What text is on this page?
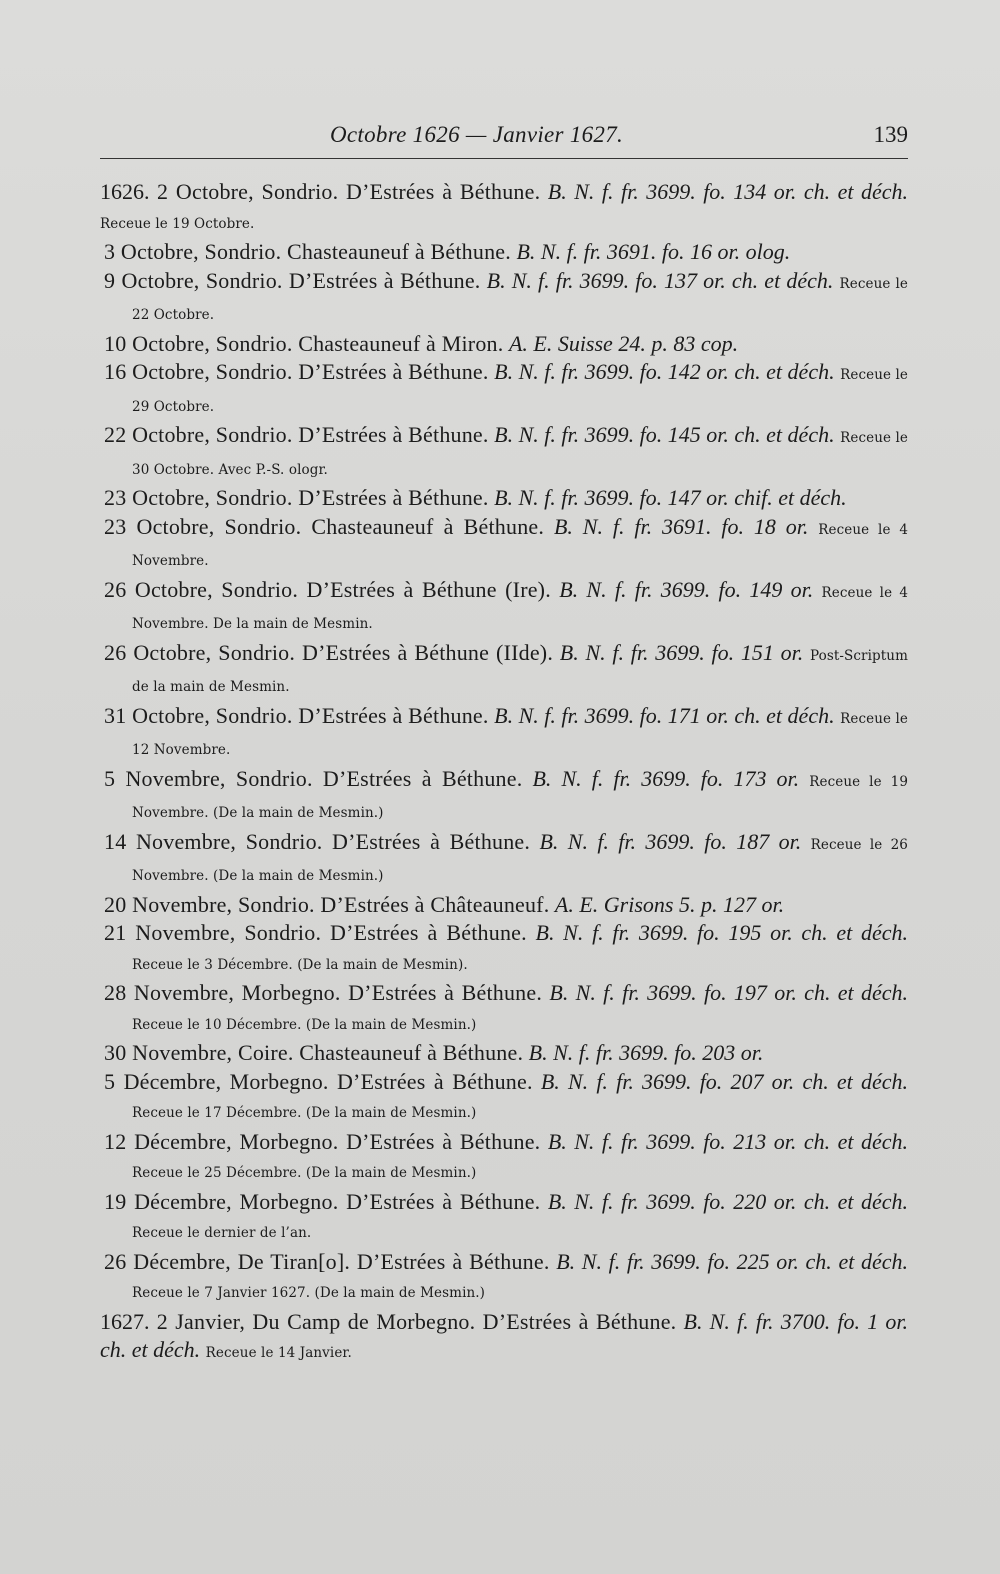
Octobre 1626 — Janvier 1627.	139
1626. 2 Octobre, Sondrio. D’Estrées à Béthune. B. N. f. fr. 3699. fo. 134 or. ch. et déch. Receue le 19 Octobre.
3 Octobre, Sondrio. Chasteauneuf à Béthune. B. N. f. fr. 3691. fo. 16 or. olog.
9 Octobre, Sondrio. D’Estrées à Béthune. B. N. f. fr. 3699. fo. 137 or. ch. et déch. Receue le 22 Octobre.
10 Octobre, Sondrio. Chasteauneuf à Miron. A. E. Suisse 24. p. 83 cop.
16 Octobre, Sondrio. D’Estrées à Béthune. B. N. f. fr. 3699. fo. 142 or. ch. et déch. Receue le 29 Octobre.
22 Octobre, Sondrio. D’Estrées à Béthune. B. N. f. fr. 3699. fo. 145 or. ch. et déch. Receue le 30 Octobre. Avec P.-S. ologr.
23 Octobre, Sondrio. D’Estrées à Béthune. B. N. f. fr. 3699. fo. 147 or. chif. et déch.
23 Octobre, Sondrio. Chasteauneuf à Béthune. B. N. f. fr. 3691. fo. 18 or. Receue le 4 Novembre.
26 Octobre, Sondrio. D’Estrées à Béthune (Ire). B. N. f. fr. 3699. fo. 149 or. Receue le 4 Novembre. De la main de Mesmin.
26 Octobre, Sondrio. D’Estrées à Béthune (IIde). B. N. f. fr. 3699. fo. 151 or. Post-Scriptum de la main de Mesmin.
31 Octobre, Sondrio. D’Estrées à Béthune. B. N. f. fr. 3699. fo. 171 or. ch. et déch. Receue le 12 Novembre.
5 Novembre, Sondrio. D’Estrées à Béthune. B. N. f. fr. 3699. fo. 173 or. Receue le 19 Novembre. (De la main de Mesmin.)
14 Novembre, Sondrio. D’Estrées à Béthune. B. N. f. fr. 3699. fo. 187 or. Receue le 26 Novembre. (De la main de Mesmin.)
20 Novembre, Sondrio. D’Estrées à Châteauneuf. A. E. Grisons 5. p. 127 or.
21 Novembre, Sondrio. D’Estrées à Béthune. B. N. f. fr. 3699. fo. 195 or. ch. et déch. Receue le 3 Décembre. (De la main de Mesmin).
28 Novembre, Morbegno. D’Estrées à Béthune. B. N. f. fr. 3699. fo. 197 or. ch. et déch. Receue le 10 Décembre. (De la main de Mesmin.)
30 Novembre, Coire. Chasteauneuf à Béthune. B. N. f. fr. 3699. fo. 203 or.
5 Décembre, Morbegno. D’Estrées à Béthune. B. N. f. fr. 3699. fo. 207 or. ch. et déch. Receue le 17 Décembre. (De la main de Mesmin.)
12 Décembre, Morbegno. D’Estrées à Béthune. B. N. f. fr. 3699. fo. 213 or. ch. et déch. Receue le 25 Décembre. (De la main de Mesmin.)
19 Décembre, Morbegno. D’Estrées à Béthune. B. N. f. fr. 3699. fo. 220 or. ch. et déch. Receue le dernier de l’an.
26 Décembre, De Tiran[o]. D’Estrées à Béthune. B. N. f. fr. 3699. fo. 225 or. ch. et déch. Receue le 7 Janvier 1627. (De la main de Mesmin.)
1627. 2 Janvier, Du Camp de Morbegno. D’Estrées à Béthune. B. N. f. fr. 3700. fo. 1 or. ch. et déch. Receue le 14 Janvier.
